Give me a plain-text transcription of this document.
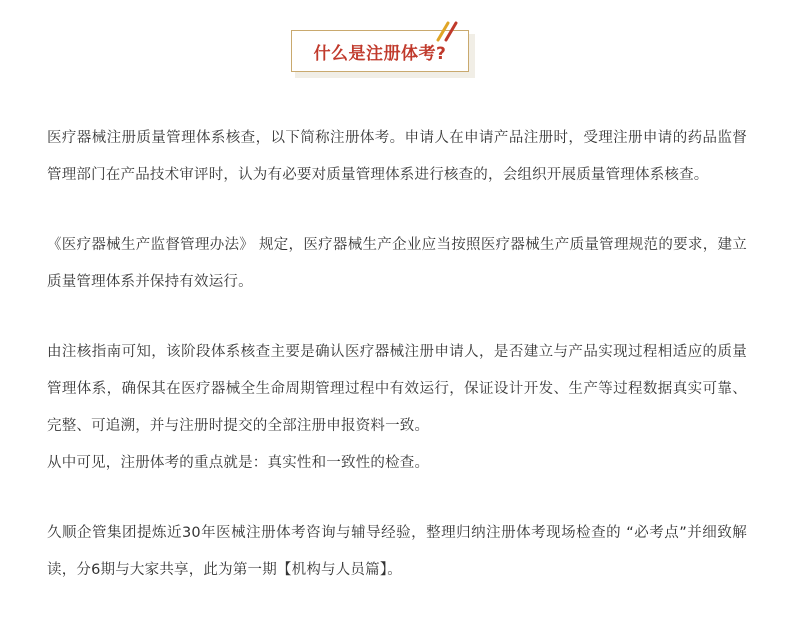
什么是注册体考?

医疗器械注册质量管理体系核查，以下简称注册体考。申请人在申请产品注册时，受理注册申请的药品监督管理部门在产品技术审评时，认为有必要对质量管理体系进行核查的，会组织开展质量管理体系核查。

《医疗器械生产监督管理办法》 规定，医疗器械生产企业应当按照医疗器械生产质量管理规范的要求，建立质量管理体系并保持有效运行。

由注核指南可知，该阶段体系核查主要是确认医疗器械注册申请人，是否建立与产品实现过程相适应的质量管理体系，确保其在医疗器械全生命周期管理过程中有效运行，保证设计开发、生产等过程数据真实可靠、完整、可追溯，并与注册时提交的全部注册申报资料一致。

从中可见，注册体考的重点就是：真实性和一致性的检查。

久顺企管集团提炼近30年医械注册体考咨询与辅导经验，整理归纳注册体考现场检查的 “必考点”并细致解读，分6期与大家共享，此为第一期【机构与人员篇】。
